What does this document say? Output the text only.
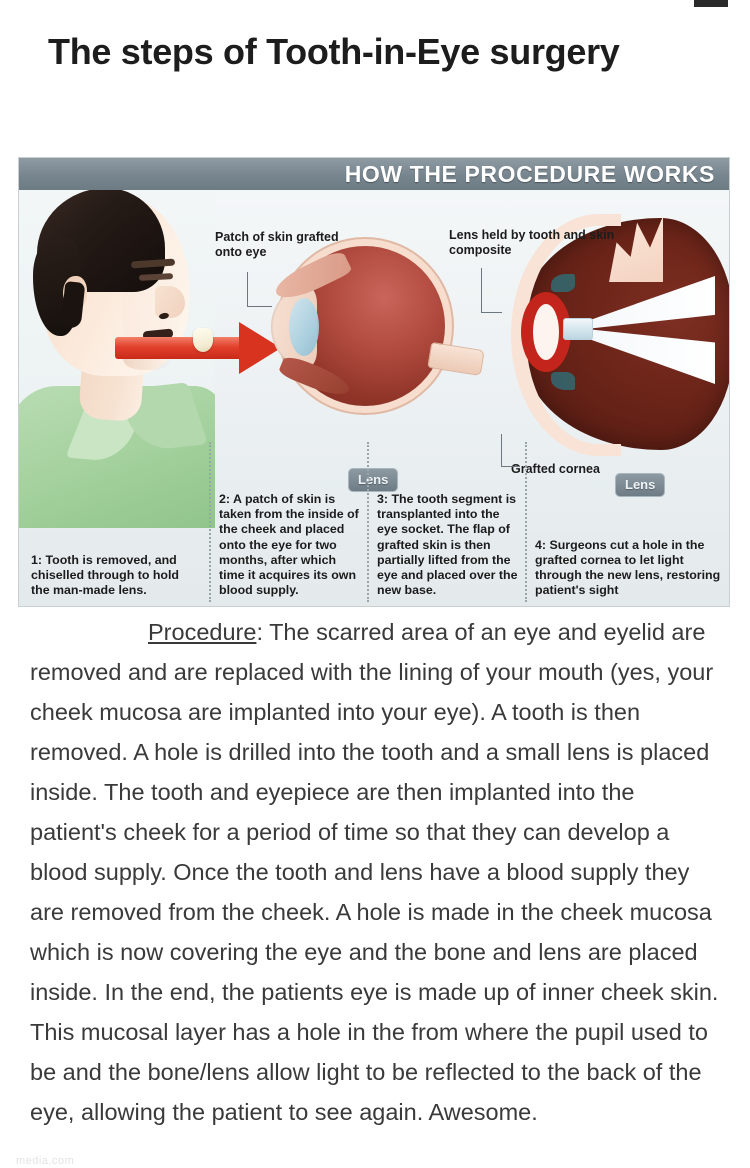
The steps of Tooth-in-Eye surgery
HOW THE PROCEDURE WORKS
Patch of skin grafted onto eye
Lens held by tooth and skin composite
Grafted cornea
Lens	Lens
1: Tooth is removed, and chiselled through to hold the man-made lens.
2: A patch of skin is taken from the inside of the cheek and placed onto the eye for two months, after which time it acquires its own blood supply.
3: The tooth segment is transplanted into the eye socket. The flap of grafted skin is then partially lifted from the eye and placed over the new base.
4: Surgeons cut a hole in the grafted cornea to let light through the new lens, restoring patient's sight
Procedure: The scarred area of an eye and eyelid are removed and are replaced with the lining of your mouth (yes, your cheek mucosa are implanted into your eye). A tooth is then removed. A hole is drilled into the tooth and a small lens is placed inside. The tooth and eyepiece are then implanted into the patient's cheek for a period of time so that they can develop a blood supply. Once the tooth and lens have a blood supply they are removed from the cheek. A hole is made in the cheek mucosa which is now covering the eye and the bone and lens are placed inside. In the end, the patients eye is made up of inner cheek skin. This mucosal layer has a hole in the from where the pupil used to be and the bone/lens allow light to be reflected to the back of the eye, allowing the patient to see again. Awesome.
media.com
